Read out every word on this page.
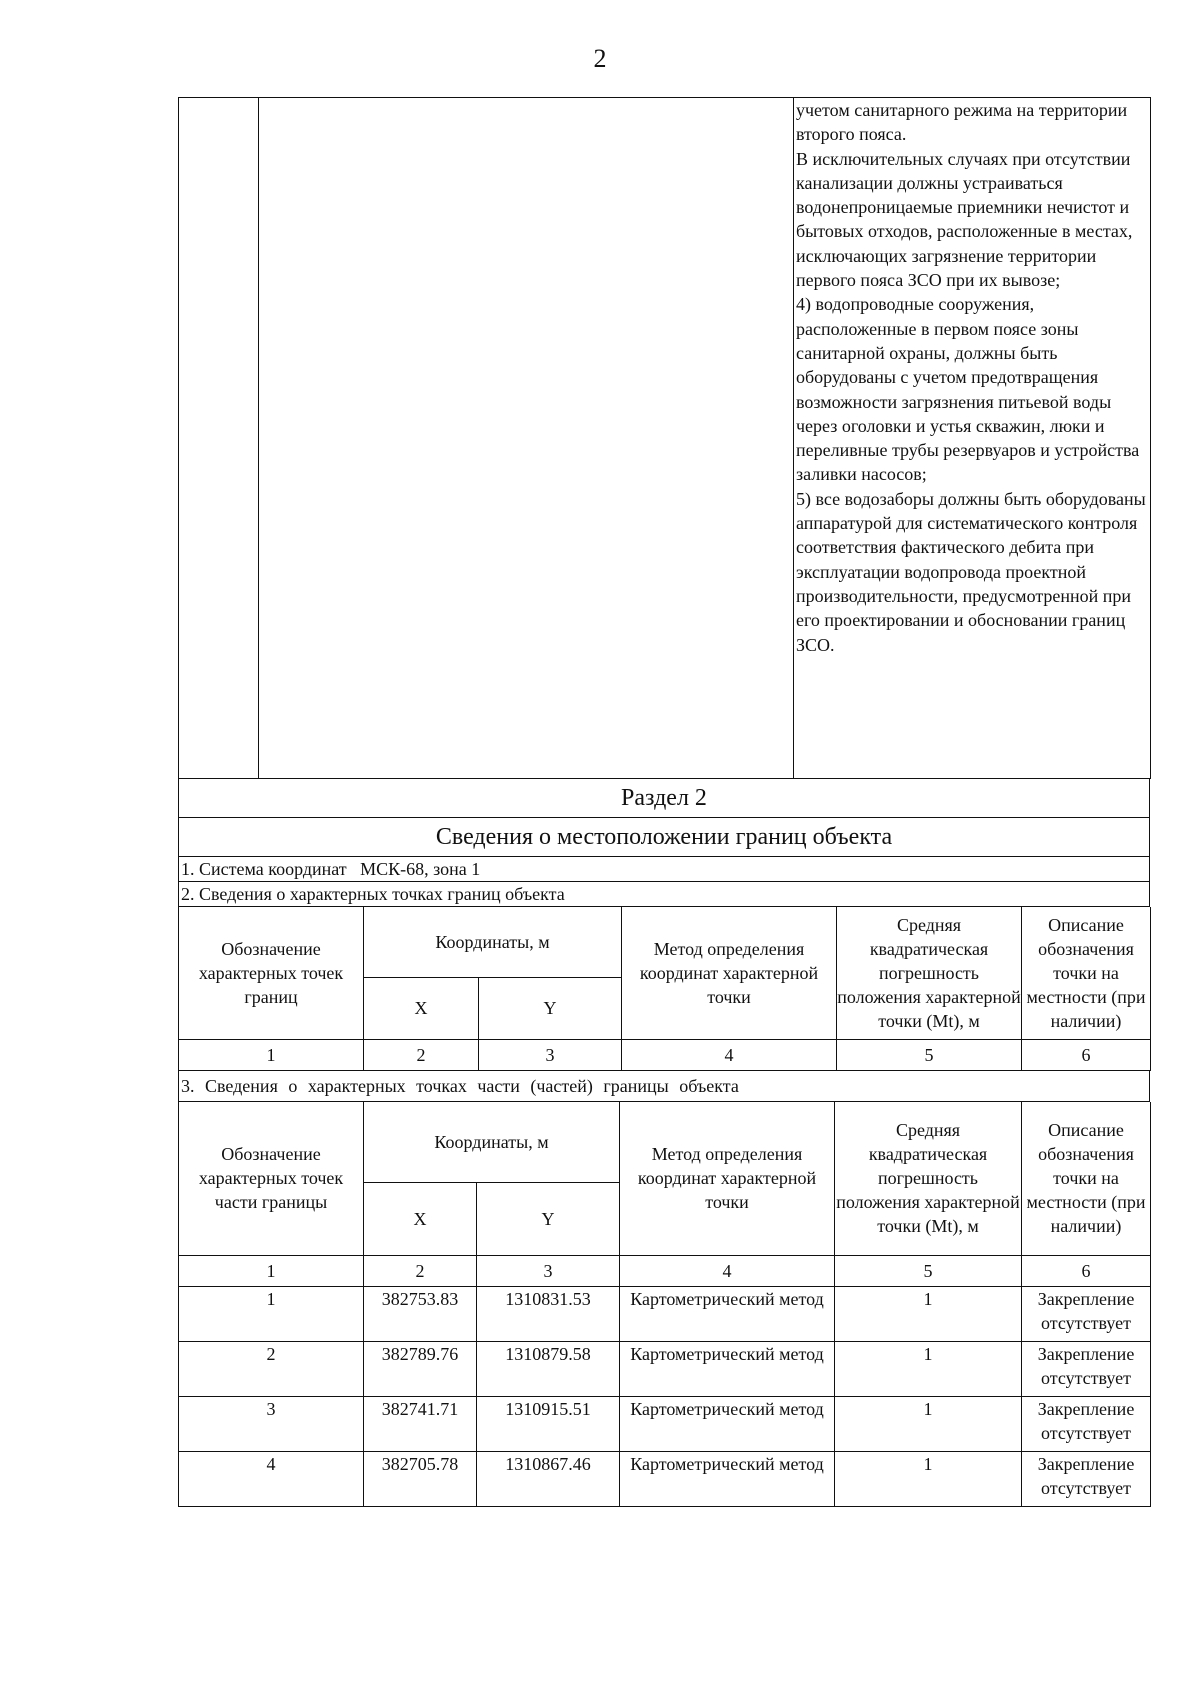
2

учетом санитарного режима на территории второго пояса.

В исключительных случаях при отсутствии канализации должны устраиваться водонепроницаемые приемники нечистот и бытовых отходов, расположенные в местах, исключающих загрязнение территории первого пояса ЗСО при их вывозе;

4) водопроводные сооружения, расположенные в первом поясе зоны санитарной охраны, должны быть оборудованы с учетом предотвращения возможности загрязнения питьевой воды через оголовки и устья скважин, люки и переливные трубы резервуаров и устройства заливки насосов;

5) все водозаборы должны быть оборудованы аппаратурой для систематического контроля соответствия фактического дебита при эксплуатации водопровода проектной производительности, предусмотренной при его проектировании и обосновании границ ЗСО.

Раздел 2
Сведения о местоположении границ объекта
1. Система координат МСК-68, зона 1
2. Сведения о характерных точках границ объекта
Обозначение характерных точек границ	Координаты, м		Метод определения координат характерной точки	Средняя квадратическая погрешность положения характерной точки (Mt), м	Описание обозначения точки на местности (при наличии)
	X	Y			
1	2	3	4	5	6
3. Сведения о характерных точках части (частей) границы объекта
Обозначение характерных точек части границы	Координаты, м		Метод определения координат характерной точки	Средняя квадратическая погрешность положения характерной точки (Mt), м	Описание обозначения точки на местности (при наличии)
	X	Y			
1	2	3	4	5	6
1	382753.83	1310831.53	Картометрический метод	1	Закрепление отсутствует
2	382789.76	1310879.58	Картометрический метод	1	Закрепление отсутствует
3	382741.71	1310915.51	Картометрический метод	1	Закрепление отсутствует
4	382705.78	1310867.46	Картометрический метод	1	Закрепление отсутствует
